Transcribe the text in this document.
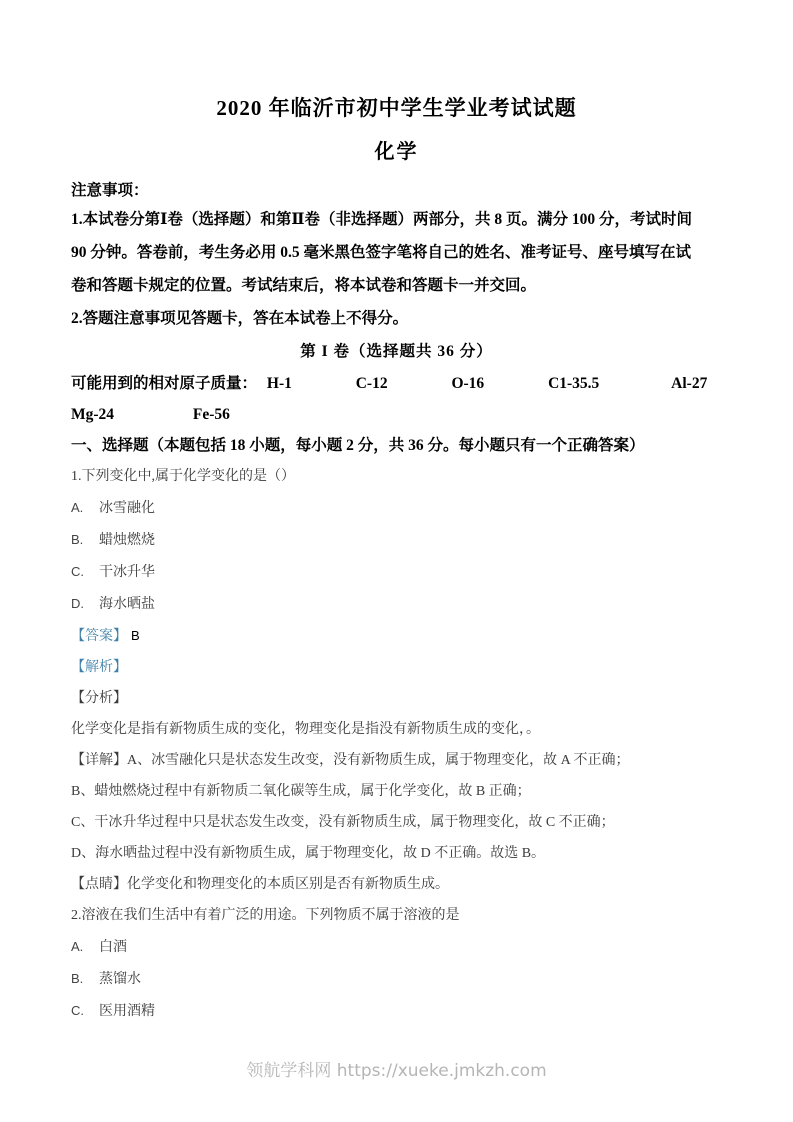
2020 年临沂市初中学生学业考试试题
化学
注意事项：
1.本试卷分第Ⅰ卷（选择题）和第Ⅱ卷（非选择题）两部分，共 8 页。满分 100 分，考试时间
90 分钟。答卷前，考生务必用 0.5 毫米黑色签字笔将自己的姓名、准考证号、座号填写在试
卷和答题卡规定的位置。考试结束后，将本试卷和答题卡一并交回。
2.答题注意事项见答题卡，答在本试卷上不得分。
第 I 卷（选择题共 36 分）
可能用到的相对原子质量： H-1	C-12	O-16	C1-35.5	Al-27
Mg-24	Fe-56
一、选择题（本题包括 18 小题，每小题 2 分，共 36 分。每小题只有一个正确答案）
1.下列变化中,属于化学变化的是（）
A. 冰雪融化
B. 蜡烛燃烧
C. 干冰升华
D. 海水晒盐
【答案】 B
【解析】
【分析】
化学变化是指有新物质生成的变化，物理变化是指没有新物质生成的变化，。
【详解】A、冰雪融化只是状态发生改变，没有新物质生成，属于物理变化，故 A 不正确；
B、蜡烛燃烧过程中有新物质二氧化碳等生成，属于化学变化，故 B 正确；
C、干冰升华过程中只是状态发生改变，没有新物质生成，属于物理变化，故 C 不正确；
D、海水晒盐过程中没有新物质生成，属于物理变化，故 D 不正确。故选 B。
【点睛】化学变化和物理变化的本质区别是否有新物质生成。
2.溶液在我们生活中有着广泛的用途。下列物质不属于溶液的是
A. 白酒
B. 蒸馏水
C. 医用酒精
领航学科网 https://xueke.jmkzh.com
